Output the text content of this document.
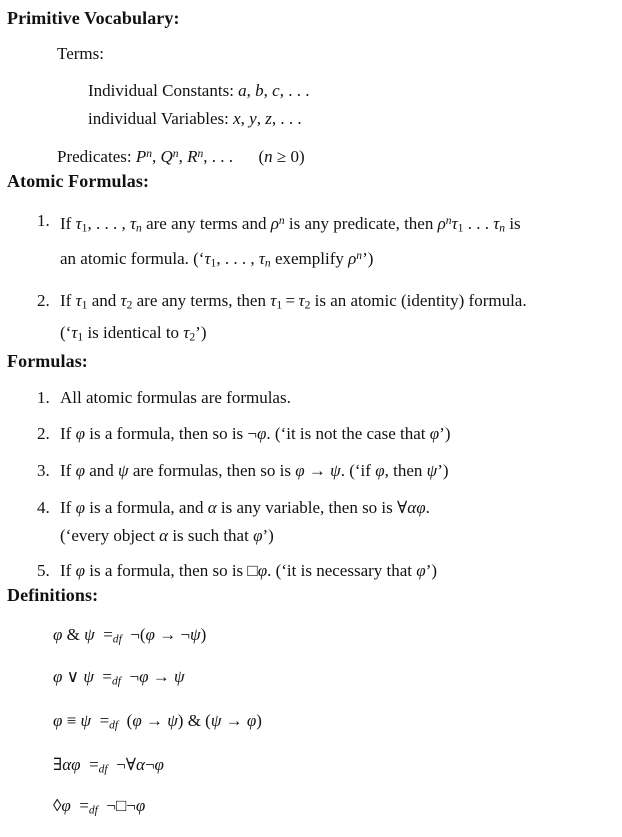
Primitive Vocabulary:
Terms:
Individual Constants: a, b, c, . . .
individual Variables: x, y, z, . . .
Predicates: $P^n$, $Q^n$, $R^n$, . . .  (n ≥ 0)
Atomic Formulas:
1. If τ1, . . . , τn are any terms and $\rho^n$ is any predicate, then $\rho^n\tau 1$ . . . τn is
an atomic formula. (‘τ1, . . . , τn exemplify $\rho^n$’)
2. If τ1 and τ2 are any terms, then τ1 = τ2 is an atomic (identity) formula.
(‘τ1 is identical to τ2’)
Formulas:
1. All atomic formulas are formulas.
2. If φ is a formula, then so is ¬φ. (‘it is not the case that φ’)
3. If φ and ψ are formulas, then so is φ → ψ. (‘if φ, then ψ’)
4. If φ is a formula, and α is any variable, then so is ∀αφ.
(‘every object α is such that φ’)
5. If φ is a formula, then so is □φ. (‘it is necessary that φ’)
Definitions:
φ & ψ =df ¬(φ → ¬ψ)
φ ∨ ψ =df ¬φ → ψ
φ ≡ ψ =df (φ → ψ) & (ψ → φ)
∃αφ =df ¬∀α¬φ
◊φ =df ¬□¬φ
